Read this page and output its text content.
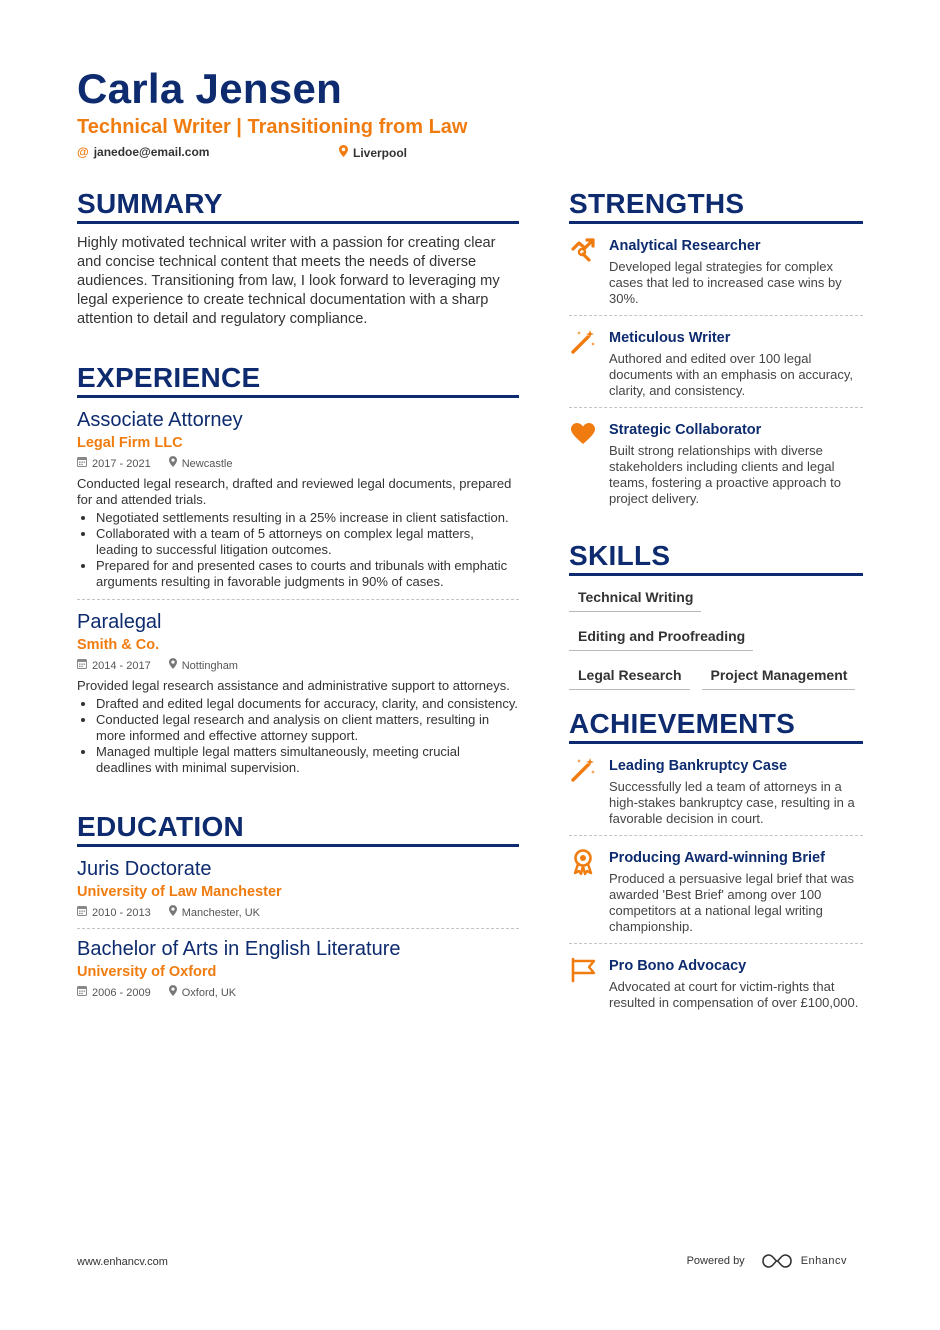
Carla Jensen
Technical Writer | Transitioning from Law
@ janedoe@email.com	Liverpool
SUMMARY
Highly motivated technical writer with a passion for creating clear and concise technical content that meets the needs of diverse audiences. Transitioning from law, I look forward to leveraging my legal experience to create technical documentation with a sharp attention to detail and regulatory compliance.
EXPERIENCE
Associate Attorney
Legal Firm LLC
2017 - 2021	Newcastle
Conducted legal research, drafted and reviewed legal documents, prepared for and attended trials.
• Negotiated settlements resulting in a 25% increase in client satisfaction.
• Collaborated with a team of 5 attorneys on complex legal matters, leading to successful litigation outcomes.
• Prepared for and presented cases to courts and tribunals with emphatic arguments resulting in favorable judgments in 90% of cases.
Paralegal
Smith & Co.
2014 - 2017	Nottingham
Provided legal research assistance and administrative support to attorneys.
• Drafted and edited legal documents for accuracy, clarity, and consistency.
• Conducted legal research and analysis on client matters, resulting in more informed and effective attorney support.
• Managed multiple legal matters simultaneously, meeting crucial deadlines with minimal supervision.
EDUCATION
Juris Doctorate
University of Law Manchester
2010 - 2013	Manchester, UK
Bachelor of Arts in English Literature
University of Oxford
2006 - 2009	Oxford, UK
STRENGTHS
Analytical Researcher
Developed legal strategies for complex cases that led to increased case wins by 30%.
Meticulous Writer
Authored and edited over 100 legal documents with an emphasis on accuracy, clarity, and consistency.
Strategic Collaborator
Built strong relationships with diverse stakeholders including clients and legal teams, fostering a proactive approach to project delivery.
SKILLS
Technical Writing
Editing and Proofreading
Legal Research	Project Management
ACHIEVEMENTS
Leading Bankruptcy Case
Successfully led a team of attorneys in a high-stakes bankruptcy case, resulting in a favorable decision in court.
Producing Award-winning Brief
Produced a persuasive legal brief that was awarded 'Best Brief' among over 100 competitors at a national legal writing championship.
Pro Bono Advocacy
Advocated at court for victim-rights that resulted in compensation of over £100,000.
www.enhancv.com	Powered by	Enhancv
